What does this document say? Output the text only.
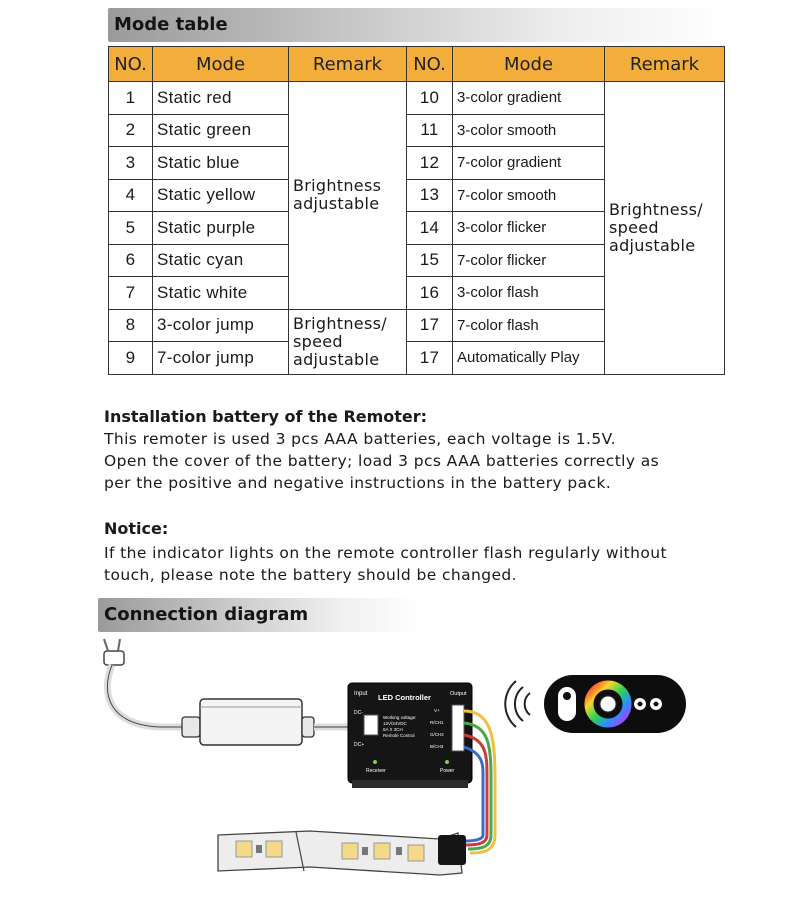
Mode table
NO.	Mode	Remark	NO.	Mode	Remark
1	Static red	Brightness adjustable	10	3-color gradient	Brightness/ speed adjustable
2	Static green		11	3-color smooth	
3	Static blue		12	7-color gradient	
4	Static yellow		13	7-color smooth	
5	Static purple		14	3-color flicker	
6	Static cyan		15	7-color flicker	
7	Static white		16	3-color flash	
8	3-color jump	Brightness/ speed adjustable	17	7-color flash	
9	7-color jump		17	Automatically Play	

Installation battery of the Remoter:

This remoter is used 3 pcs AAA batteries, each voltage is 1.5V.

Open the cover of the battery; load 3 pcs AAA batteries correctly as

per the positive and negative instructions in the battery pack.

Notice:

If the indicator lights on the remote controller flash regularly without

touch, please note the battery should be changed.

Connection diagram
Input LED Controller	Output
DC-
DC+
Working voltage:
12V/24VDC
6A X 3CH
Remote Control
V+
R/CH1
G/CH2
B/CH3
Receiver	Power
